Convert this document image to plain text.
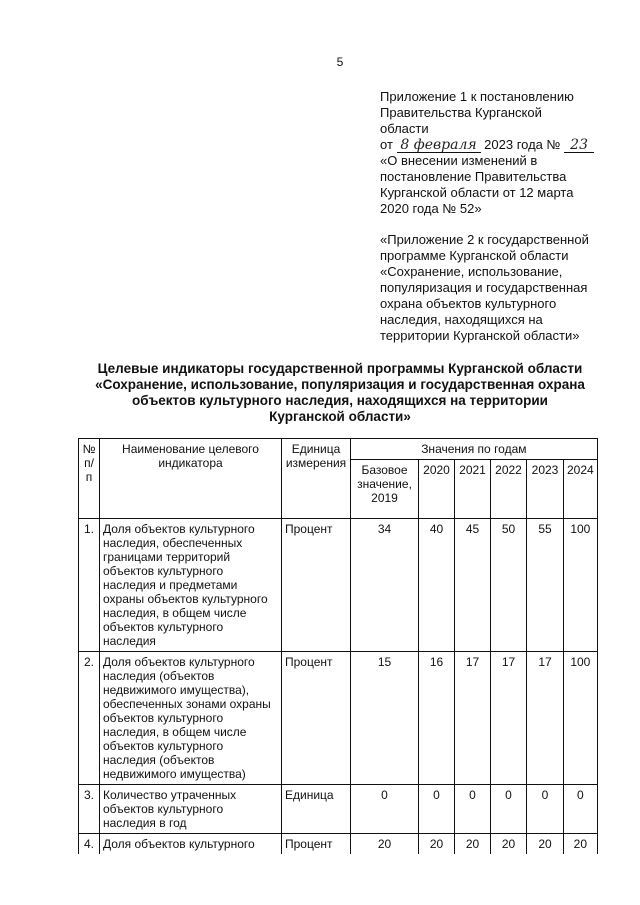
5
Приложение 1 к постановлению
Правительства Курганской
области
от 8 февраля 2023 года № 23
«О внесении изменений в
постановление Правительства
Курганской области от 12 марта
2020 года № 52»
«Приложение 2 к государственной
программе Курганской области
«Сохранение, использование,
популяризация и государственная
охрана объектов культурного
наследия, находящихся на
территории Курганской области»
Целевые индикаторы государственной программы Курганской области
«Сохранение, использование, популяризация и государственная охрана
объектов культурного наследия, находящихся на территории
Курганской области»
№ п/п	Наименование целевого индикатора	Единица измерения	Значения по годам					
			Базовое значение, 2019	2020	2021	2022	2023	2024
1.	Доля объектов культурного наследия, обеспеченных границами территорий объектов культурного наследия и предметами охраны объектов культурного наследия, в общем числе объектов культурного наследия	Процент	34	40	45	50	55	100
2.	Доля объектов культурного наследия (объектов недвижимого имущества), обеспеченных зонами охраны объектов культурного наследия, в общем числе объектов культурного наследия (объектов недвижимого имущества)	Процент	15	16	17	17	17	100
3.	Количество утраченных объектов культурного наследия в год	Единица	0	0	0	0	0	0
4.	Доля объектов культурного	Процент	20	20	20	20	20	20
